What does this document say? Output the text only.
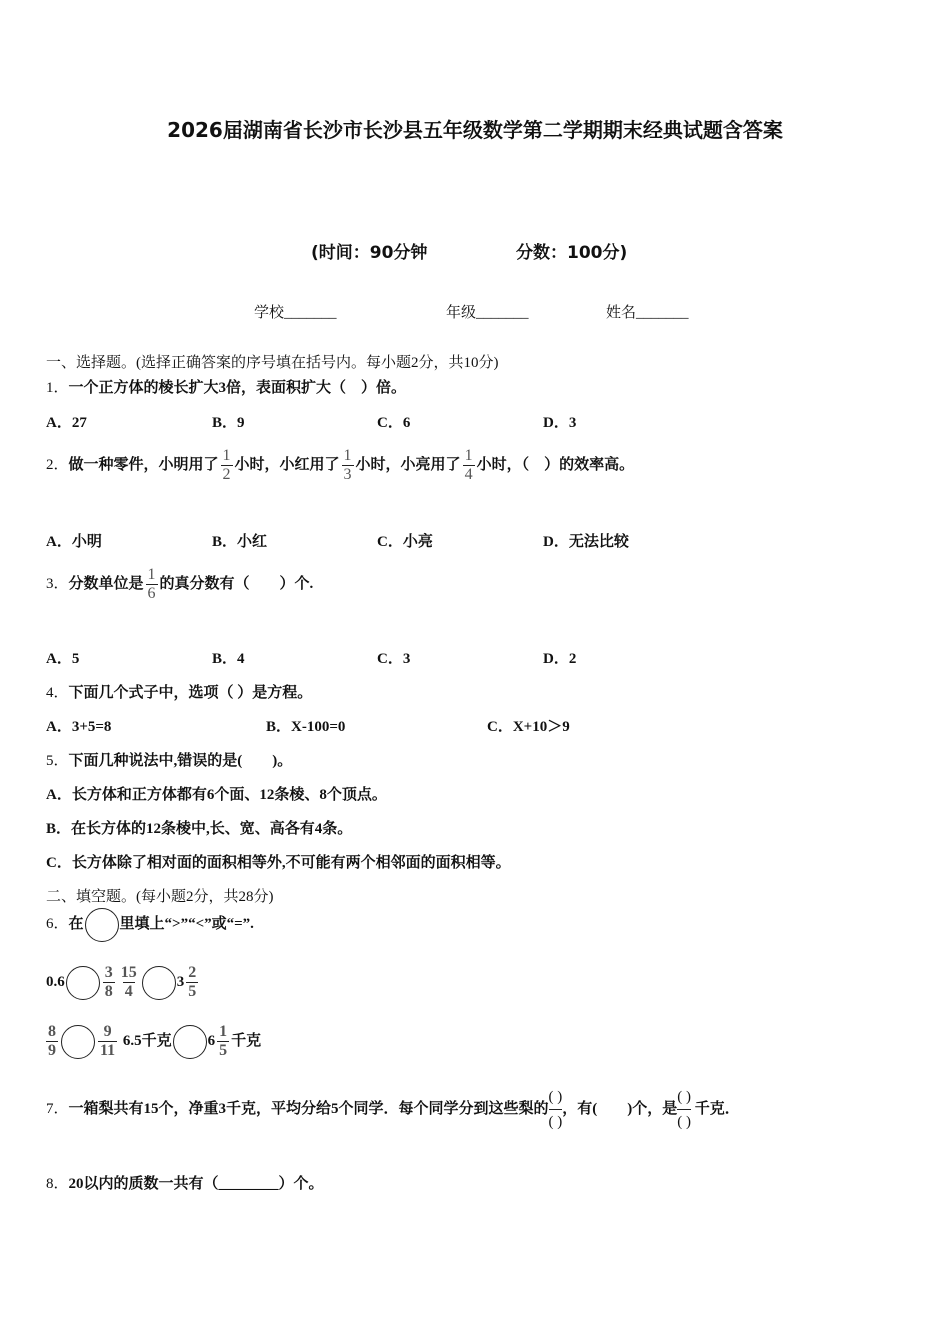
2026届湖南省长沙市长沙县五年级数学第二学期期末经典试题含答案
(时间：90分钟	分数：100分)
学校_______	年级_______	姓名_______
一、选择题。(选择正确答案的序号填在括号内。每小题2分，共10分)
1．一个正方体的棱长扩大3倍，表面积扩大（　）倍。
A．27	B．9	C．6	D．3
2．做一种零件，小明用了 $\frac{1}{2}$ 小时，小红用了 $\frac{1}{3}$ 小时，小亮用了 $\frac{1}{4}$ 小时，（　）的效率高。
A．小明	B．小红	C．小亮	D．无法比较
3．分数单位是 $\frac{1}{6}$ 的真分数有（　　）个.
A．5	B．4	C．3	D．2
4．下面几个式子中，选项（ ）是方程。
A．3+5=8	B．X-100=0	C．X+10＞9
5．下面几种说法中,错误的是(　　)。
A．长方体和正方体都有6个面、12条棱、8个顶点。
B．在长方体的12条棱中,长、宽、高各有4条。
C．长方体除了相对面的面积相等外,不可能有两个相邻面的面积相等。
二、填空题。(每小题2分，共28分)
6．在 里填上“>”“<”或“=”.
$0.6 \frac{3}{8} \frac{15}{4}$	$3 \frac{2}{5}$
$\frac{8}{9}$	$\frac{9}{11} 6.5$千克 $6 \frac{1}{5}$ 千克
7．一箱梨共有15个，净重3千克，平均分给5个同学．每个同学分到这些梨的 $\frac{( )}{( )}$ ，有(　　)个，是 $\frac{( )}{( )}$ 千克．
8．20以内的质数一共有（________）个。
